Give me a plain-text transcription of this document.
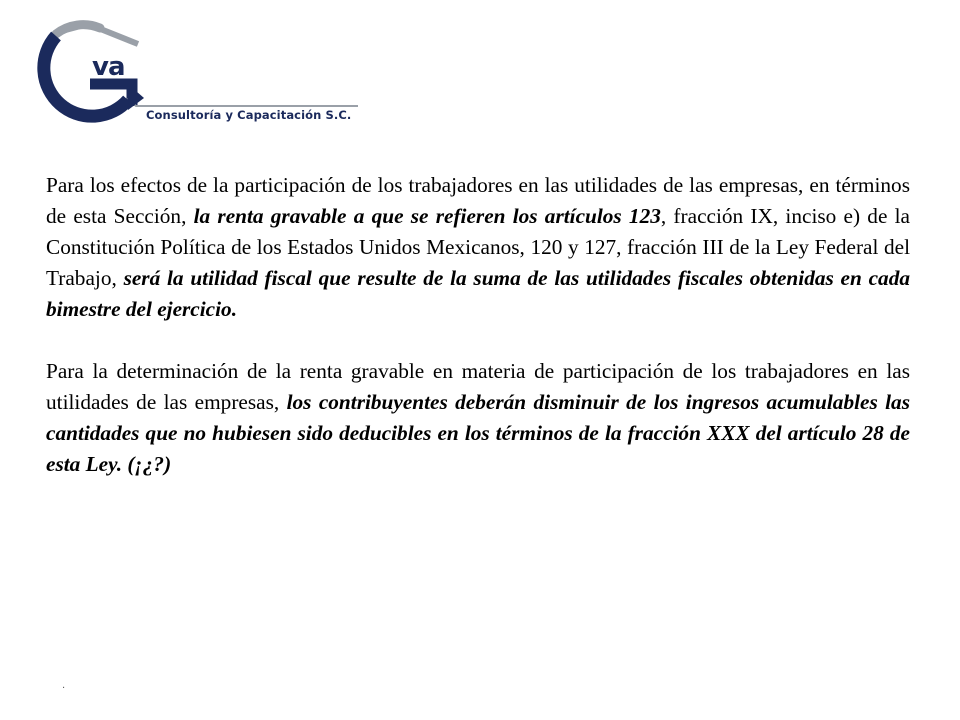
va
Consultoría y Capacitación S.C.

Para los efectos de la participación de los trabajadores en las utilidades de las empresas, en términos de esta Sección, la renta gravable a que se refieren los artículos 123, fracción IX, inciso e) de la Constitución Política de los Estados Unidos Mexicanos, 120 y 127, fracción III de la Ley Federal del Trabajo, será la utilidad fiscal que resulte de la suma de las utilidades fiscales obtenidas en cada bimestre del ejercicio.

Para la determinación de la renta gravable en materia de participación de los trabajadores en las utilidades de las empresas, los contribuyentes deberán disminuir de los ingresos acumulables las cantidades que no hubiesen sido deducibles en los términos de la fracción XXX del artículo 28 de esta Ley. (¡¿?)

.
